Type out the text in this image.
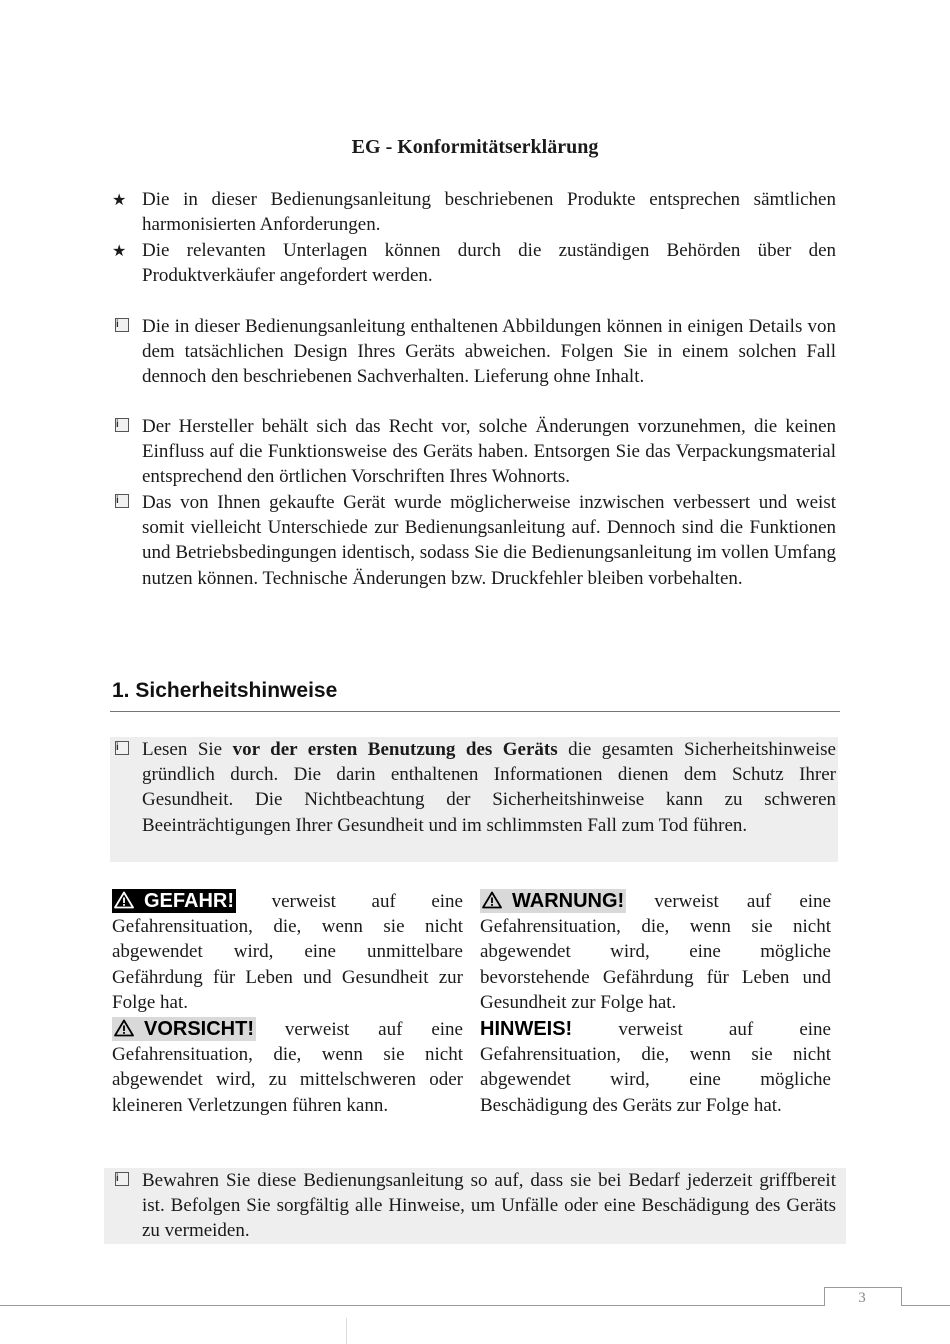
EG - Konformitätserklärung
★ Die in dieser Bedienungsanleitung beschriebenen Produkte entsprechen sämtlichen harmonisierten Anforderungen.
★ Die relevanten Unterlagen können durch die zuständigen Behörden über den Produktverkäufer angefordert werden.
i	Die in dieser Bedienungsanleitung enthaltenen Abbildungen können in einigen Details von dem tatsächlichen Design Ihres Geräts abweichen. Folgen Sie in einem solchen Fall dennoch den beschriebenen Sachverhalten. Lieferung ohne Inhalt.
i	Der Hersteller behält sich das Recht vor, solche Änderungen vorzunehmen, die keinen Einfluss auf die Funktionsweise des Geräts haben. Entsorgen Sie das Verpackungsmaterial entsprechend den örtlichen Vorschriften Ihres Wohnorts.
i	Das von Ihnen gekaufte Gerät wurde möglicherweise inzwischen verbessert und weist somit vielleicht Unterschiede zur Bedienungsanleitung auf. Dennoch sind die Funktionen und Betriebsbedingungen identisch, sodass Sie die Bedienungsanleitung im vollen Umfang nutzen können. Technische Änderungen bzw. Druckfehler bleiben vorbehalten.
1. Sicherheitshinweise
i	Lesen Sie vor der ersten Benutzung des Geräts die gesamten Sicherheitshinweise gründlich durch. Die darin enthaltenen Informationen dienen dem Schutz Ihrer Gesundheit. Die Nichtbeachtung der Sicherheitshinweise kann zu schweren Beeinträchtigungen Ihrer Gesundheit und im schlimmsten Fall zum Tod führen.
GEFAHR! verweist auf eine Gefahrensituation, die, wenn sie nicht abgewendet wird, eine unmittelbare Gefährdung für Leben und Gesundheit zur Folge hat.
VORSICHT! verweist auf eine Gefahrensituation, die, wenn sie nicht abgewendet wird, zu mittelschweren oder kleineren Verletzungen führen kann.
WARNUNG! verweist auf eine Gefahrensituation, die, wenn sie nicht abgewendet wird, eine mögliche bevorstehende Gefährdung für Leben und Gesundheit zur Folge hat.
HINWEIS! verweist auf eine Gefahrensituation, die, wenn sie nicht abgewendet wird, eine mögliche Beschädigung des Geräts zur Folge hat.
i	Bewahren Sie diese Bedienungsanleitung so auf, dass sie bei Bedarf jederzeit griffbereit ist. Befolgen Sie sorgfältig alle Hinweise, um Unfälle oder eine Beschädigung des Geräts zu vermeiden.
3
